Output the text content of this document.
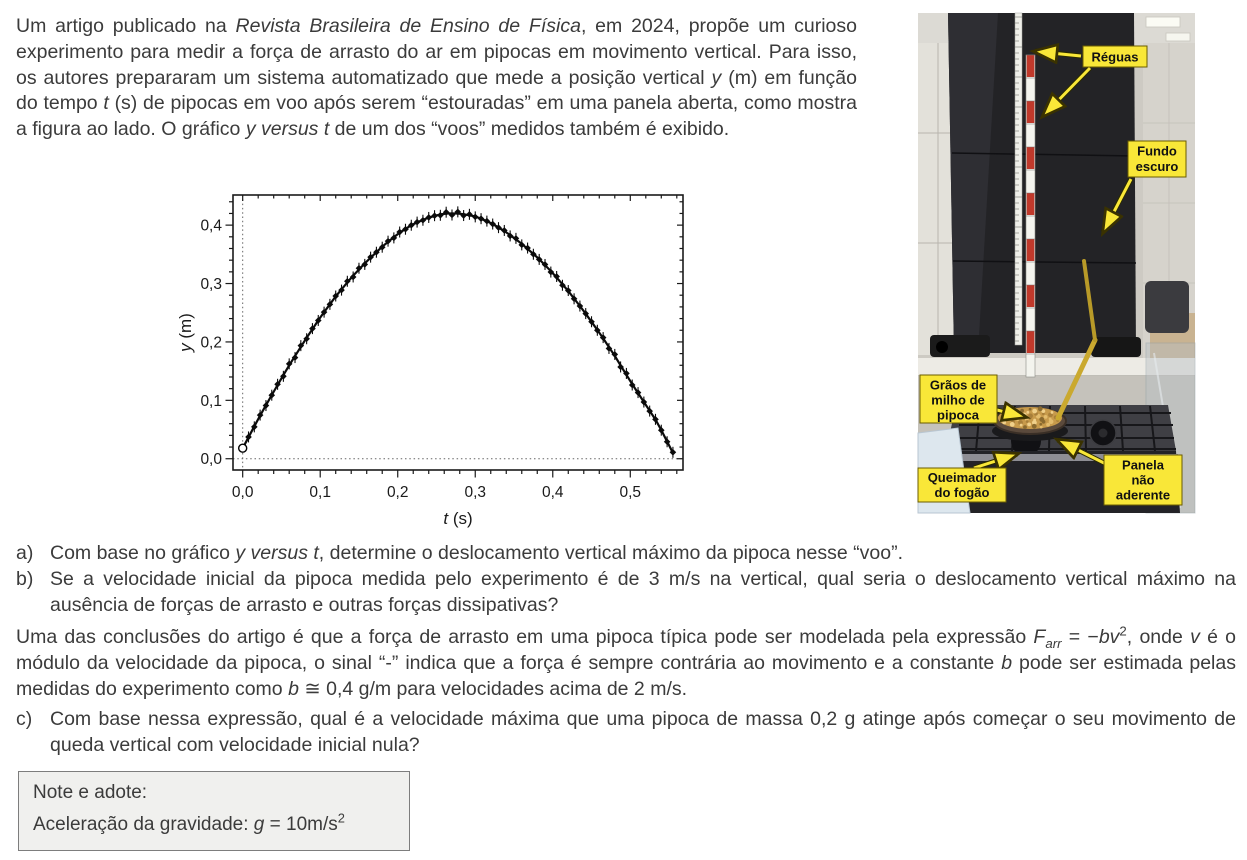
Um artigo publicado na Revista Brasileira de Ensino de Física, em 2024, propõe um curioso experimento para medir a força de arrasto do ar em pipocas em movimento vertical. Para isso, os autores prepararam um sistema automatizado que mede a posição vertical y (m) em função do tempo t (s) de pipocas em voo após serem “estouradas” em uma panela aberta, como mostra a figura ao lado. O gráfico y versus t de um dos “voos” medidos também é exibido.

0,0	0,1	0,2	0,3	0,4	0,5
0,0
0,1
0,2
0,3
0,4
t (s)
y (m)
Réguas
Fundo
escuro
Grãos de
milho de
pipoca
Queimador
do fogão
Panela
não
aderente
a) Com base no gráfico y versus t, determine o deslocamento vertical máximo da pipoca nesse “voo”.
b) Se a velocidade inicial da pipoca medida pelo experimento é de 3 m/s na vertical, qual seria o deslocamento vertical máximo na ausência de forças de arrasto e outras forças dissipativas?

Uma das conclusões do artigo é que a força de arrasto em uma pipoca típica pode ser modelada pela expressão $F_{arr} = -bv^2$, onde v é o módulo da velocidade da pipoca, o sinal “-” indica que a força é sempre contrária ao movimento e a constante b pode ser estimada pelas medidas do experimento como b ≅ 0,4 g/m para velocidades acima de 2 m/s.

c) Com base nessa expressão, qual é a velocidade máxima que uma pipoca de massa 0,2 g atinge após começar o seu movimento de queda vertical com velocidade inicial nula?
Note e adote:
Aceleração da gravidade: $g = 10m/s^2$
